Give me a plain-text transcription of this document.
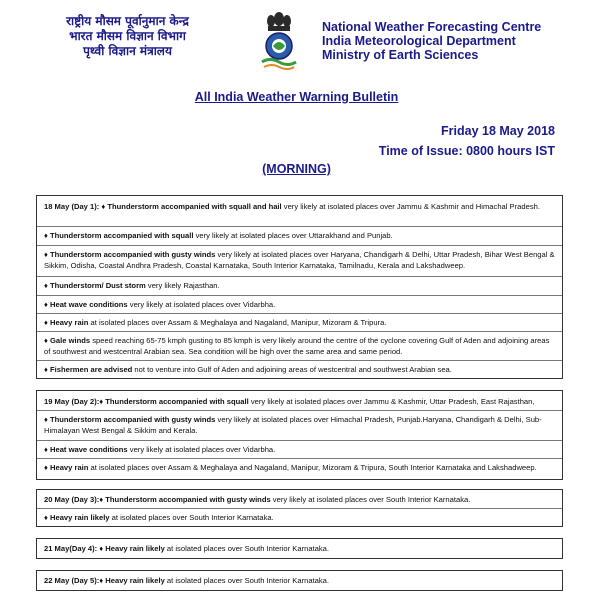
राष्ट्रीय मौसम पूर्वानुमान केन्द्र
भारत मौसम विज्ञान विभाग
पृथ्वी विज्ञान मंत्रालय
National Weather Forecasting Centre
India Meteorological Department
Ministry of Earth Sciences
All India Weather Warning Bulletin
Friday 18 May 2018
Time of Issue: 0800 hours IST
(MORNING)
18 May (Day 1): ♦ Thunderstorm accompanied with squall and hail very likely at isolated places over Jammu & Kashmir and Himachal Pradesh.
♦ Thunderstorm accompanied with squall very likely at isolated places over Uttarakhand and Punjab.
♦ Thunderstorm accompanied with gusty winds very likely at isolated places over Haryana, Chandigarh & Delhi, Uttar Pradesh, Bihar West Bengal & Sikkim, Odisha, Coastal Andhra Pradesh, Coastal Karnataka, South Interior Karnataka, Tamilnadu, Kerala and Lakshadweep.
♦ Thunderstorm/ Dust storm very likely Rajasthan.
♦ Heat wave conditions very likely at isolated places over Vidarbha.
♦ Heavy rain at isolated places over Assam & Meghalaya and Nagaland, Manipur, Mizoram & Tripura.
♦ Gale winds speed reaching 65-75 kmph gusting to 85 kmph is very likely around the centre of the cyclone covering Gulf of Aden and adjoining areas of southwest and westcentral Arabian sea. Sea condition will be high over the same area and same period.
♦ Fishermen are advised not to venture into Gulf of Aden and adjoining areas of westcentral and southwest Arabian sea.
19 May (Day 2):♦ Thunderstorm accompanied with squall very likely at isolated places over Jammu & Kashmir, Uttar Pradesh, East Rajasthan,
♦ Thunderstorm accompanied with gusty winds very likely at isolated places over Himachal Pradesh, Punjab.Haryana, Chandigarh & Delhi, Sub-Himalayan West Bengal & Sikkim and Kerala.
♦ Heat wave conditions very likely at isolated places over Vidarbha.
♦ Heavy rain at isolated places over Assam & Meghalaya and Nagaland, Manipur, Mizoram & Tripura, South Interior Karnataka and Lakshadweep.
20 May (Day 3):♦ Thunderstorm accompanied with gusty winds very likely at isolated places over South Interior Karnataka.
♦ Heavy rain likely at isolated places over South Interior Karnataka.
21 May(Day 4): ♦ Heavy rain likely at isolated places over South Interior Karnataka.
22 May (Day 5):♦ Heavy rain likely at isolated places over South Interior Karnataka.
